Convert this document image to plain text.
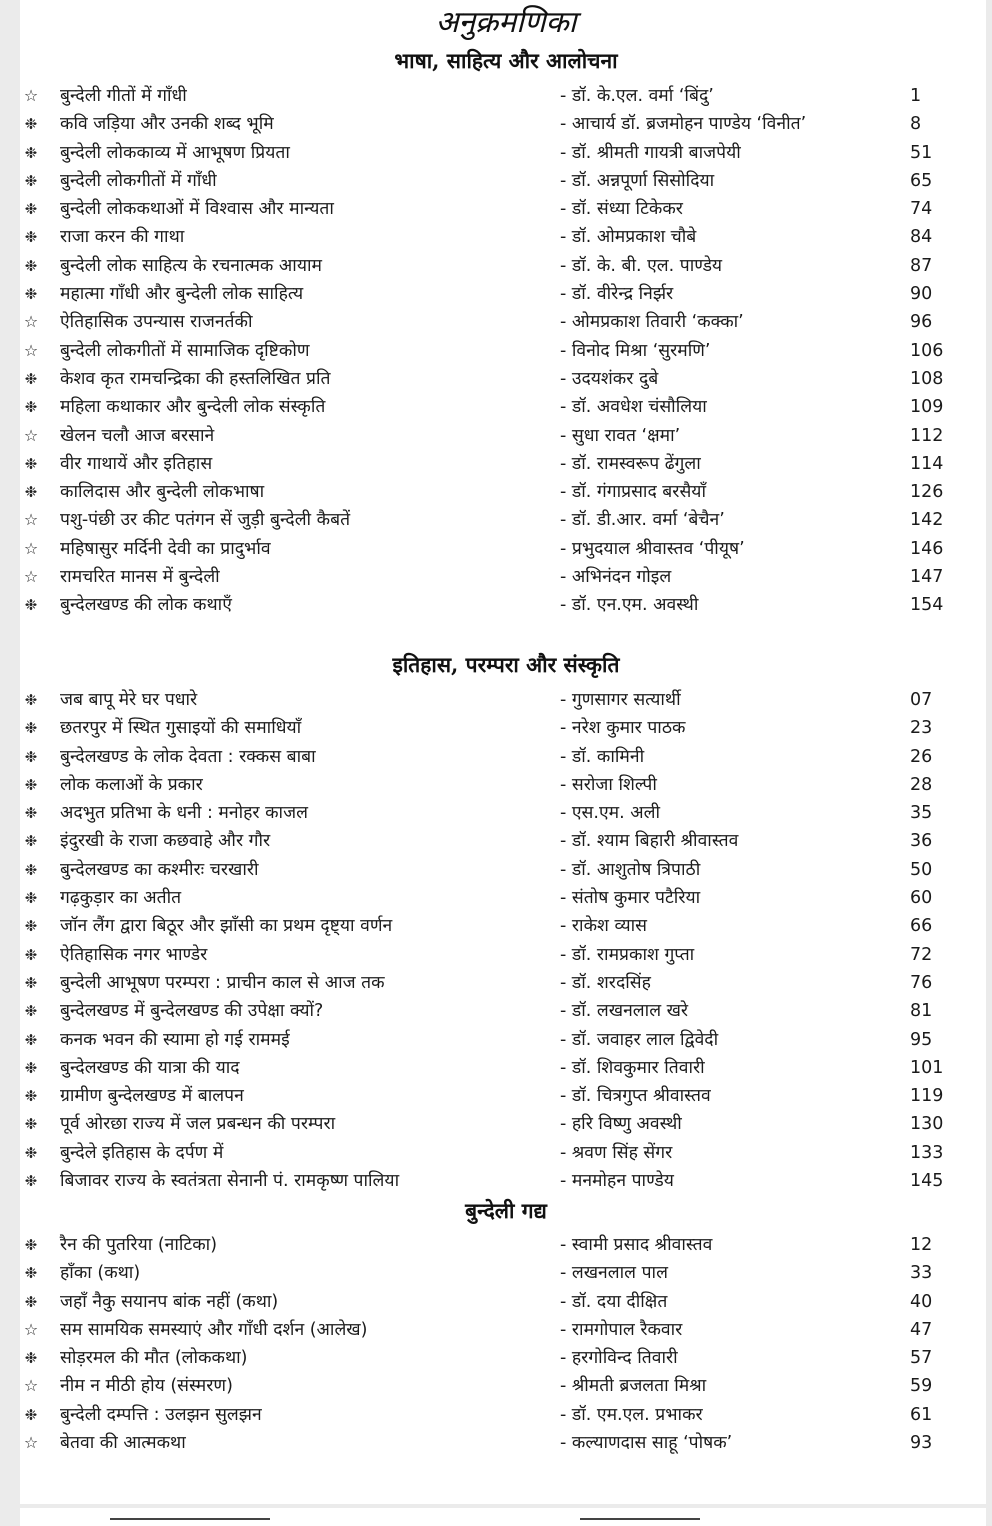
अनुक्रमणिका
भाषा, साहित्य और आलोचना
☆ बुन्देली गीतों में गाँधी	- डॉ. के.एल. वर्मा ‘बिंदु’	1
❉ कवि जड़िया और उनकी शब्द भूमि	- आचार्य डॉ. ब्रजमोहन पाण्डेय ‘विनीत’	8
❉ बुन्देली लोककाव्य में आभूषण प्रियता	- डॉ. श्रीमती गायत्री बाजपेयी	51
❉ बुन्देली लोकगीतों में गाँधी	- डॉ. अन्नपूर्णा सिसोदिया	65
❉ बुन्देली लोककथाओं में विश्वास और मान्यता	- डॉ. संध्या टिकेकर	74
❉ राजा करन की गाथा	- डॉ. ओमप्रकाश चौबे	84
❉ बुन्देली लोक साहित्य के रचनात्मक आयाम	- डॉ. के. बी. एल. पाण्डेय	87
❉ महात्मा गाँधी और बुन्देली लोक साहित्य	- डॉ. वीरेन्द्र निर्झर	90
☆ ऐतिहासिक उपन्यास राजनर्तकी	- ओमप्रकाश तिवारी ‘कक्का’	96
☆ बुन्देली लोकगीतों में सामाजिक दृष्टिकोण	- विनोद मिश्रा ‘सुरमणि’	106
❉ केशव कृत रामचन्द्रिका की हस्तलिखित प्रति	- उदयशंकर दुबे	108
❉ महिला कथाकार और बुन्देली लोक संस्कृति	- डॉ. अवधेश चंसौलिया	109
☆ खेलन चलौ आज बरसाने	- सुधा रावत ‘क्षमा’	112
❉ वीर गाथायें और इतिहास	- डॉ. रामस्वरूप ढेंगुला	114
❉ कालिदास और बुन्देली लोकभाषा	- डॉ. गंगाप्रसाद बरसैयाँ	126
☆ पशु-पंछी उर कीट पतंगन सें जुड़ी बुन्देली कैबतें	- डॉ. डी.आर. वर्मा ‘बेचैन’	142
☆ महिषासुर मर्दिनी देवी का प्रादुर्भाव	- प्रभुदयाल श्रीवास्तव ‘पीयूष’	146
☆ रामचरित मानस में बुन्देली	- अभिनंदन गोइल	147
❉ बुन्देलखण्ड की लोक कथाएँ	- डॉ. एन.एम. अवस्थी	154
इतिहास, परम्परा और संस्कृति
❉ जब बापू मेरे घर पधारे	- गुणसागर सत्यार्थी	07
❉ छतरपुर में स्थित गुसाइयों की समाधियाँ	- नरेश कुमार पाठक	23
❉ बुन्देलखण्ड के लोक देवता : रक्कस बाबा	- डॉ. कामिनी	26
❉ लोक कलाओं के प्रकार	- सरोजा शिल्पी	28
❉ अदभुत प्रतिभा के धनी : मनोहर काजल	- एस.एम. अली	35
❉ इंदुरखी के राजा कछवाहे और गौर	- डॉ. श्याम बिहारी श्रीवास्तव	36
❉ बुन्देलखण्ड का कश्मीरः चरखारी	- डॉ. आशुतोष त्रिपाठी	50
❉ गढ़कुड़ार का अतीत	- संतोष कुमार पटैरिया	60
❉ जॉन लैंग द्वारा बिठूर और झाँसी का प्रथम दृष्ट्या वर्णन	- राकेश व्यास	66
❉ ऐतिहासिक नगर भाण्डेर	- डॉ. रामप्रकाश गुप्ता	72
❉ बुन्देली आभूषण परम्परा : प्राचीन काल से आज तक	- डॉ. शरदसिंह	76
❉ बुन्देलखण्ड में बुन्देलखण्ड की उपेक्षा क्यों?	- डॉ. लखनलाल खरे	81
❉ कनक भवन की स्यामा हो गई राममई	- डॉ. जवाहर लाल द्विवेदी	95
❉ बुन्देलखण्ड की यात्रा की याद	- डॉ. शिवकुमार तिवारी	101
❉ ग्रामीण बुन्देलखण्ड में बालपन	- डॉ. चित्रगुप्त श्रीवास्तव	119
❉ पूर्व ओरछा राज्य में जल प्रबन्धन की परम्परा	- हरि विष्णु अवस्थी	130
❉ बुन्देले इतिहास के दर्पण में	- श्रवण सिंह सेंगर	133
❉ बिजावर राज्य के स्वतंत्रता सेनानी पं. रामकृष्ण पालिया	- मनमोहन पाण्डेय	145
बुन्देली गद्य
❉ रैन की पुतरिया (नाटिका)	- स्वामी प्रसाद श्रीवास्तव	12
❉ हाँका (कथा)	- लखनलाल पाल	33
❉ जहाँ नैकु सयानप बांक नहीं (कथा)	- डॉ. दया दीक्षित	40
☆ सम सामयिक समस्याएं और गाँधी दर्शन (आलेख)	- रामगोपाल रैकवार	47
❉ सोड़रमल की मौत (लोककथा)	- हरगोविन्द तिवारी	57
☆ नीम न मीठी होय (संस्मरण)	- श्रीमती ब्रजलता मिश्रा	59
❉ बुन्देली दम्पत्ति : उलझन सुलझन	- डॉ. एम.एल. प्रभाकर	61
☆ बेतवा की आत्मकथा	- कल्याणदास साहू ‘पोषक’	93
